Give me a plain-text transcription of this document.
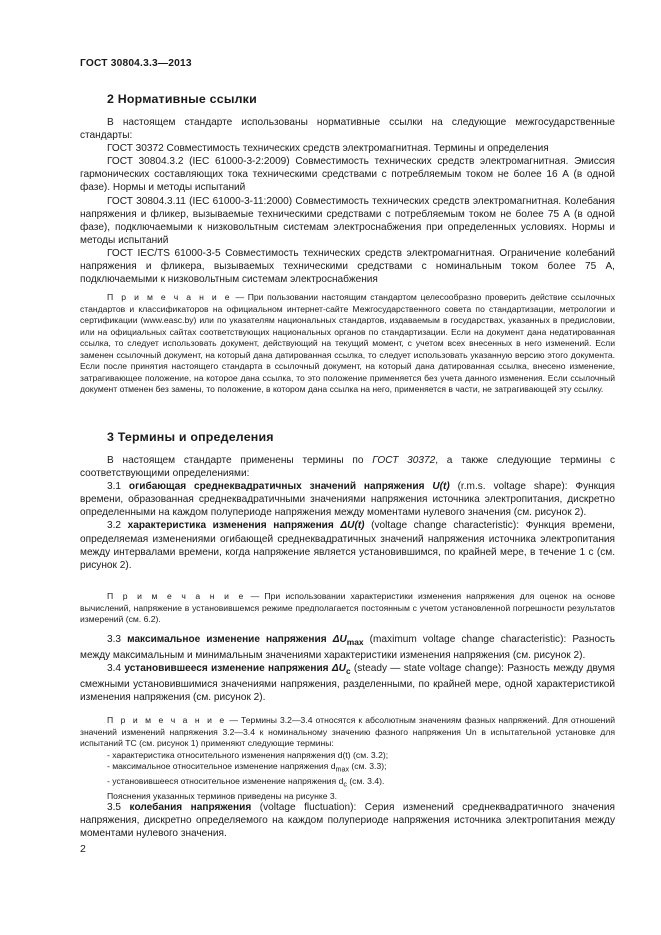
ГОСТ 30804.3.3—2013
2 Нормативные ссылки

В настоящем стандарте использованы нормативные ссылки на следующие межгосударственные стандарты:

ГОСТ 30372 Совместимость технических средств электромагнитная. Термины и определения

ГОСТ 30804.3.2 (IEC 61000-3-2:2009) Совместимость технических средств электромагнитная. Эмиссия гармонических составляющих тока техническими средствами с потребляемым током не более 16 А (в одной фазе). Нормы и методы испытаний

ГОСТ 30804.3.11 (IEC 61000-3-11:2000) Совместимость технических средств электромагнитная. Колебания напряжения и фликер, вызываемые техническими средствами с потребляемым током не более 75 А (в одной фазе), подключаемыми к низковольтным системам электроснабжения при определенных условиях. Нормы и методы испытаний

ГОСТ IEC/TS 61000-3-5 Совместимость технических средств электромагнитная. Ограничение колебаний напряжения и фликера, вызываемых техническими средствами с номинальным током более 75 А, подключаемыми к низковольтным системам электроснабжения

П р и м е ч а н и е — При пользовании настоящим стандартом целесообразно проверить действие ссылочных стандартов и классификаторов на официальном интернет-сайте Межгосударственного совета по стандартизации, метрологии и сертификации (www.easc.by) или по указателям национальных стандартов, издаваемым в государствах, указанных в предисловии, или на официальных сайтах соответствующих национальных органов по стандартизации. Если на документ дана недатированная ссылка, то следует использовать документ, действующий на текущий момент, с учетом всех внесенных в него изменений. Если заменен ссылочный документ, на который дана датированная ссылка, то следует использовать указанную версию этого документа. Если после принятия настоящего стандарта в ссылочный документ, на который дана датированная ссылка, внесено изменение, затрагивающее положение, на которое дана ссылка, то это положение применяется без учета данного изменения. Если ссылочный документ отменен без замены, то положение, в котором дана ссылка на него, применяется в части, не затрагивающей эту ссылку.

3 Термины и определения

В настоящем стандарте применены термины по ГОСТ 30372, а также следующие термины с соответствующими определениями:

3.1 огибающая среднеквадратичных значений напряжения U(t) (r.m.s. voltage shape): Функция времени, образованная среднеквадратичными значениями напряжения источника электропитания, дискретно определенными на каждом полупериоде напряжения между моментами нулевого значения (см. рисунок 2).

3.2 характеристика изменения напряжения ΔU(t) (voltage change characteristic): Функция времени, определяемая изменениями огибающей среднеквадратичных значений напряжения источника электропитания между интервалами времени, когда напряжение является установившимся, по крайней мере, в течение 1 с (см. рисунок 2).

П р и м е ч а н и е — При использовании характеристики изменения напряжения для оценок на основе вычислений, напряжение в установившемся режиме предполагается постоянным с учетом установленной погрешности результатов измерений (см. 6.2).

3.3 максимальное изменение напряжения $\Delta U_{max}$ (maximum voltage change characteristic): Разность между максимальным и минимальным значениями характеристики изменения напряжения (см. рисунок 2).

3.4 установившееся изменение напряжения $\Delta U_c$ (steady — state voltage change): Разность между двумя смежными установившимися значениями напряжения, разделенными, по крайней мере, одной характеристикой изменения напряжения (см. рисунок 2).

П р и м е ч а н и е — Термины 3.2—3.4 относятся к абсолютным значениям фазных напряжений. Для отношений значений изменений напряжения 3.2—3.4 к номинальному значению фазного напряжения Un в испытательной установке для испытаний ТС (см. рисунок 1) применяют следующие термины:

- характеристика относительного изменения напряжения d(t) (см. 3.2);

- максимальное относительное изменение напряжения $d_{max}$ (см. 3.3);

- установившееся относительное изменение напряжения $d_c$ (см. 3.4).

Пояснения указанных терминов приведены на рисунке 3.

3.5 колебания напряжения (voltage fluctuation): Серия изменений среднеквадратичного значения напряжения, дискретно определяемого на каждом полупериоде напряжения источника электропитания между моментами нулевого значения.

2
